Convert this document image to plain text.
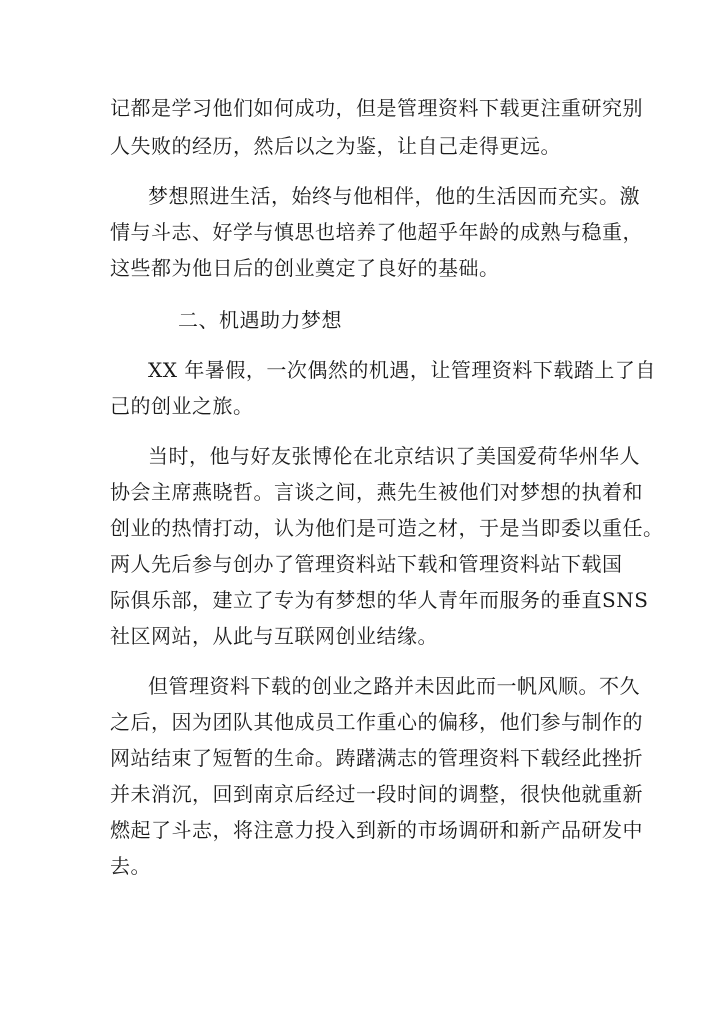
记都是学习他们如何成功，但是管理资料下载更注重研究别
人失败的经历，然后以之为鉴，让自己走得更远。
梦想照进生活，始终与他相伴，他的生活因而充实。激
情与斗志、好学与慎思也培养了他超乎年龄的成熟与稳重，
这些都为他日后的创业奠定了良好的基础。
二、机遇助力梦想
XX 年暑假，一次偶然的机遇，让管理资料下载踏上了自
己的创业之旅。
当时，他与好友张博伦在北京结识了美国爱荷华州华人
协会主席燕晓哲。言谈之间，燕先生被他们对梦想的执着和
创业的热情打动，认为他们是可造之材，于是当即委以重任。
两人先后参与创办了管理资料站下载和管理资料站下载国
际俱乐部，建立了专为有梦想的华人青年而服务的垂直SNS
社区网站，从此与互联网创业结缘。
但管理资料下载的创业之路并未因此而一帆风顺。不久
之后，因为团队其他成员工作重心的偏移，他们参与制作的
网站结束了短暂的生命。踌躇满志的管理资料下载经此挫折
并未消沉，回到南京后经过一段时间的调整，很快他就重新
燃起了斗志，将注意力投入到新的市场调研和新产品研发中
去。
